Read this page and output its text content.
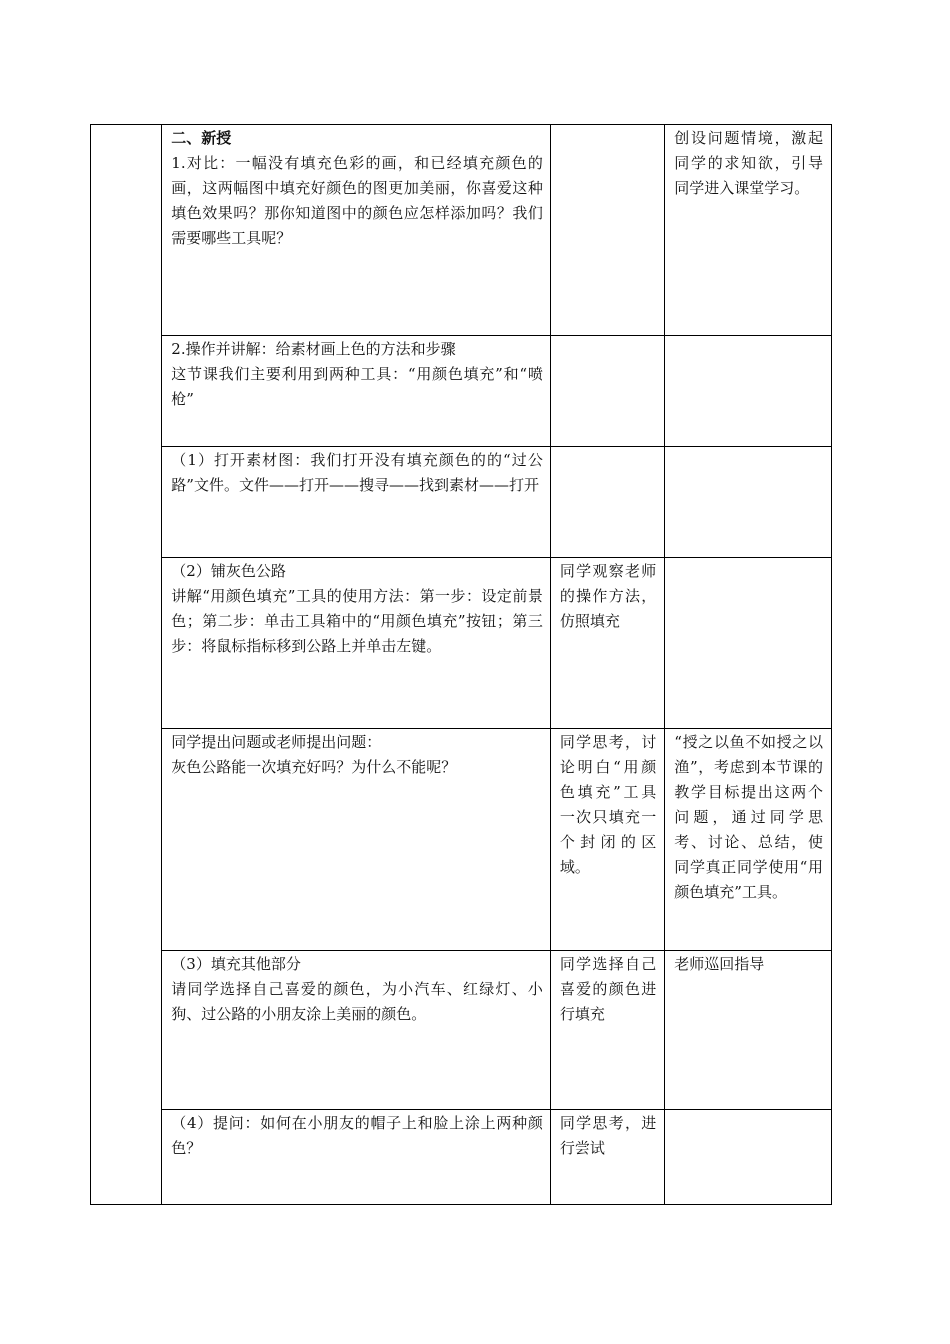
	二、新授
1.对比：一幅没有填充色彩的画，和已经填充颜色的画，这两幅图中填充好颜色的图更加美丽，你喜爱这种填色效果吗？那你知道图中的颜色应怎样添加吗？我们需要哪些工具呢？		创设问题情境，激起同学的求知欲，引导同学进入课堂学习。

	2.操作并讲解：给素材画上色的方法和步骤
这节课我们主要利用到两种工具：“用颜色填充”和“喷枪”		

	（1）打开素材图：我们打开没有填充颜色的的“过公路”文件。文件——打开——搜寻——找到素材——打开		

	（2）铺灰色公路
讲解“用颜色填充”工具的使用方法：第一步：设定前景色；第二步：单击工具箱中的“用颜色填充”按钮；第三步：将鼠标指标移到公路上并单击左键。	同学观察老师的操作方法，仿照填充	

	同学提出问题或老师提出问题：
灰色公路能一次填充好吗？为什么不能呢？	同学思考，讨论明白“用颜色填充”工具一次只填充一个封闭的区域。	“授之以鱼不如授之以渔”，考虑到本节课的教学目标提出这两个问题，通过同学思考、讨论、总结，使同学真正同学使用“用颜色填充”工具。

	（3）填充其他部分
请同学选择自己喜爱的颜色，为小汽车、红绿灯、小狗、过公路的小朋友涂上美丽的颜色。	同学选择自己喜爱的颜色进行填充	老师巡回指导

	（4）提问：如何在小朋友的帽子上和脸上涂上两种颜色？	同学思考，进行尝试	
